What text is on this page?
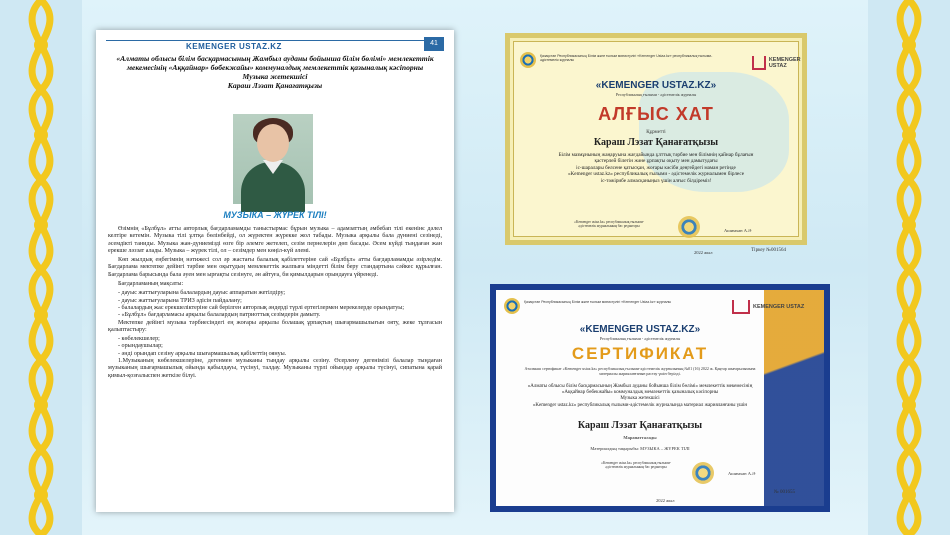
KEMENGER USTAZ.KZ	41
«Алматы облысы білім басқармасының Жамбыл ауданы бойынша білім бөлімі» мемлекеттік
мекемесінің «Аққайнар» бөбекжайы» коммуналдық мемлекеттік қазыналық кәсіпорны
Музыка жетекшісі
Караш Лэзат Қанағатқызы
МУЗЫКА – ЖҮРЕК ТІЛІ!

Өзімнің «Бұлбұл» атты авторлық бағдарламамды таныстырмас бұрын музыка – адамзаттың әмбебап тілі екенінє дәлел келтіре кетемін. Музыка тілі ұлтқа бөлінбейді, ол жүректен жүрекке жол табады. Музыка арқылы бала дүниені сезінеді, әсемдікті таниды. Музыка жан-дүниемізді өзге бір әлемге жетелеп, сезім пернелерін дөп басады. Әсем күйді тыңдаған жан ерекше ләззат алады. Музыка – жүрек тілі, ол – сезімдер мен көңіл-күй әлемі.

Көп жылдық еңбегімнің нәтижесі сол әр жастағы балалық қабілеттеріне сай «Бұлбұл» атты бағдарламамды әзірледім. Бағдарлама мектепке дейінгі тәрбие мен оқытудың мемлекеттік жалпыға міндетті білім беру стандартына сәйкес құрылған. Бағдарлама барысында бала әуен мен ырғақты сезінуге, ән айтуға, би қимылдарын орындауға үйренеді.

Бағдарламаның мақсаты:

- дауыс жаттығуларына балалардың дауыс аппаратын жетілдіру;
- дауыс жаттығуларына ТРИЗ әдісін пайдалану;
- балалардың жас ерекшеліктеріне сай берілген авторлық әндерді түрлі ертегілермен мерекелерде орындатуы;
- «Бұлбұл» бағдарламасы арқылы балалардың патриоттық сезімдерін дамыту.

Мектепке дейінгі музыка тәрбиесіндегі ең жоғары арқылы болашақ ұрпақтың шығармашылығын ояту, жеке тұлғасын қалыптастыру:

- көбелекшелер;
- орындаушылар;
- әнді орындап сезіну арқылы шығармашылық қабілеттің оянуы.

1.Музыканың көбелекшелеріне, дегенмен музыканы тыңдау арқылы сезіну. Өсерлену дегенімізі балалар тыңдаған музыканың шығармашылық ойында қабылдауы, түсінуі, талдау. Музыканы түрлі ойындар арқылы түсінуі, сипатына қарай қимыл-қозғалыспен жеткізе білуі.

Қазақстан Республикасының Білім және ғылым министрлігі «Kemenger Ustaz.kz» республикалық ғылыми-әдістемелік журналы	KEMENGER USTAZ
«KEMENGER USTAZ.KZ»
Республикалық ғылыми - әдістемелік журналы
АЛҒЫС ХАТ
Құрметті
Караш Лэзат Қанағатқызы
Білім мазмұнының жаңаруына жағдайында ұлттық тәрбие мен білімнің қайнар бұлағын
қастерлей білетін және ұрпақты оқыту мен дамытудағы
іс-шаралары белсене қатысқан, жоғары кәсіби деңгейдегі маман ретінде
«Kemenger ustaz.kz» республикалық ғылыми - әдістемелік журналымен бірлесе
іс-тәжірибе алмасқаныңыз үшін алғыс білдіреміз!
«Kemenger ustaz.kz» республикалық ғылыми-әдістемелік журналының бас редакторы
Ашимхан А.Ә
2022 жыл	Тіркеу №001564
Қазақстан Республикасының Білім және ғылым министрлігі «Kemenger Ustaz.kz» журналы
KEMENGER USTAZ
«KEMENGER USTAZ.KZ»
Республикалық ғылыми - әдістемелік журналы
СЕРТИФИКАТ
Аталмыш сертификат «Kemenger ustaz.kz» республикалық ғылыми-әдістемелік журналының №01 (16) 2022 ж. Қаңтар шығарылымына материалы жарияланғанын растау үшін берілді.
«Алматы облысы білім басқармасының Жамбыл ауданы бойынша білім бөлімі» мемлекеттік мекемесінің
«Аққайнар бөбекжайы» коммуналдық мемлекеттік қазыналық кәсіпорны
Музыка жетекшісі
«Kemenger ustaz.kz» республикалық ғылыми-әдістемелік журналында материал жарияланғаны үшін
Караш Лэзат Қанағатқызы
Марапатталады
Материалдың тақырыбы: МУЗЫКА – ЖҮРЕК ТІЛІ
«Kemenger ustaz.kz» республикалық ғылыми-әдістемелік журналының бас редакторы
Ашимхан А.Ә
2022 жыл
№ 001655
